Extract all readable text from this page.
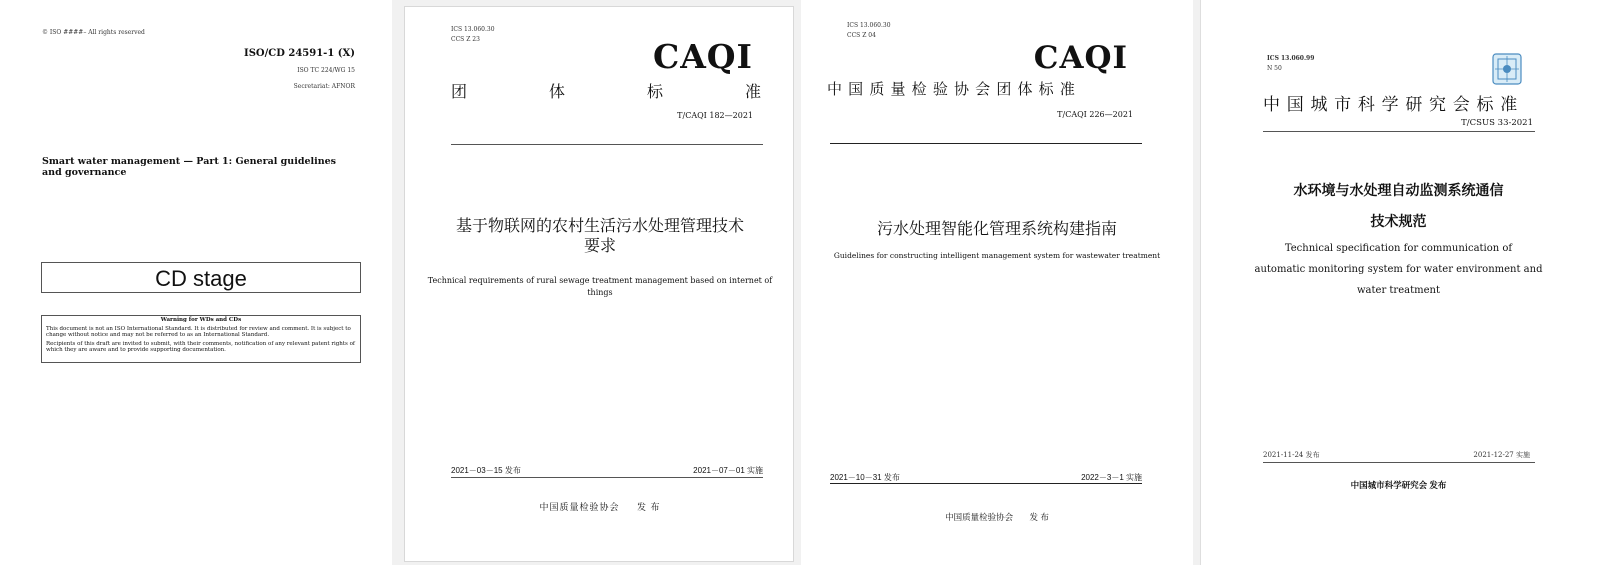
© ISO ####– All rights reserved
ISO/CD 24591-1 (X)
ISO TC 224/WG 15
Secretariat: AFNOR
Smart water management — Part 1: General guidelines and governance
CD stage
Warning for WDs and CDs
This document is not an ISO International Standard. It is distributed for review and comment. It is subject to change without notice and may not be referred to as an International Standard.
Recipients of this draft are invited to submit, with their comments, notification of any relevant patent rights of which they are aware and to provide supporting documentation.
ICS 13.060.30
CCS Z 23	CAQI
团	体	标	准
T/CAQI 182—2021
基于物联网的农村生活污水处理管理技术
要求
Technical requirements of rural sewage treatment management based on internet of
things
2021－03－15 发布	2021－07－01 实施
中国质量检验协会 发 布
ICS 13.060.30
CCS Z 04
CAQI
中 国 质 量 检 验 协 会 团 体 标 准
T/CAQI 226—2021
污水处理智能化管理系统构建指南
Guidelines for constructing intelligent management system for wastewater treatment
2021－10－31 发布	2022－3－1 实施
中国质量检验协会 发 布
ICS 13.060.99
N 50
中 国 城 市 科 学 研 究 会 标 准
T/CSUS 33-2021
水环境与水处理自动监测系统通信
技术规范
Technical specification for communication of
automatic monitoring system for water environment and
water treatment
2021-11-24 发布	2021-12-27 实施
中国城市科学研究会 发布
